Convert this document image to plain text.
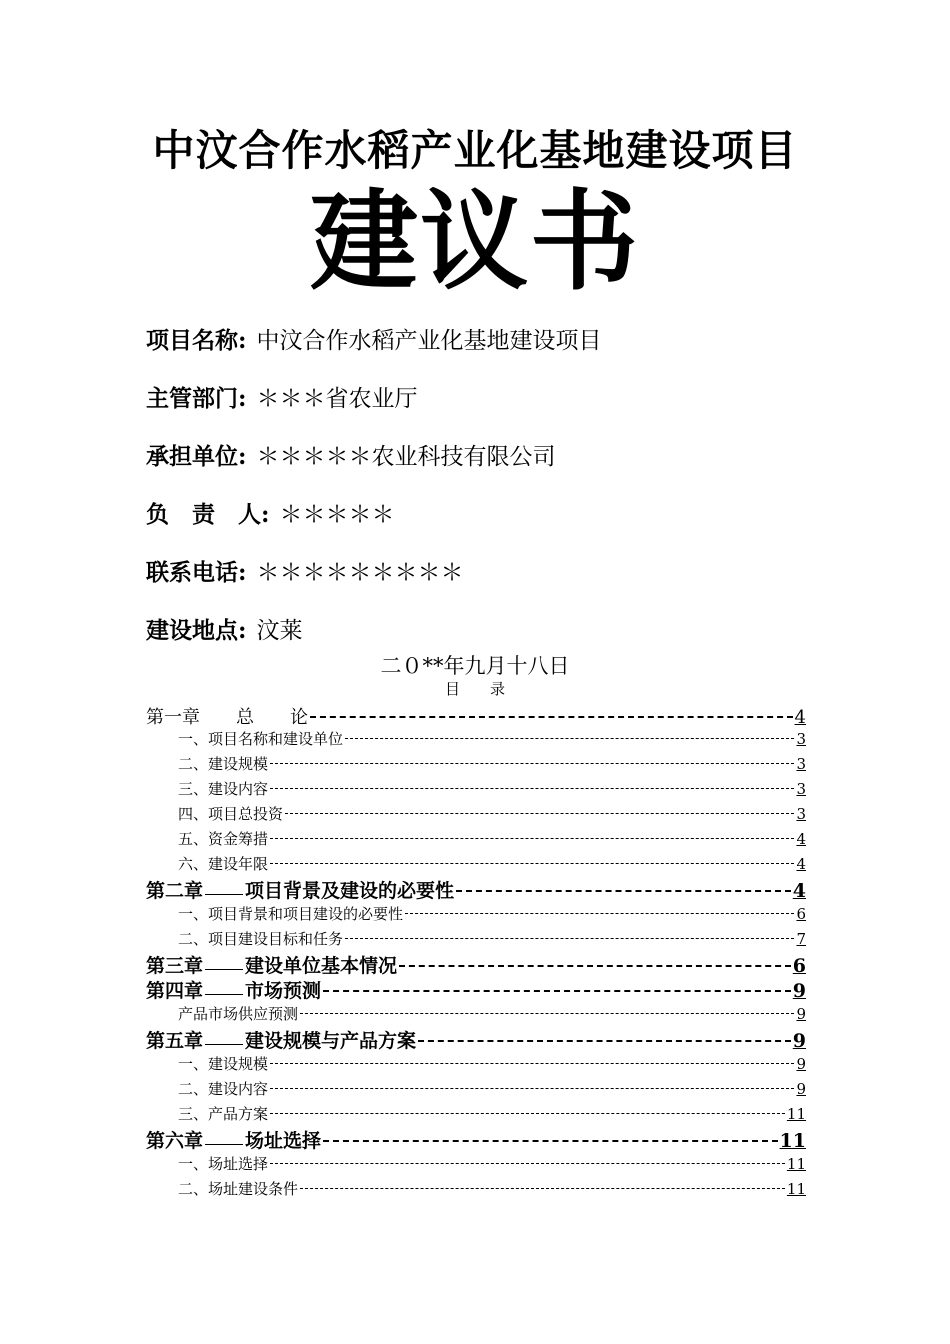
中汶合作水稻产业化基地建设项目
建议书
项目名称: 中汶合作水稻产业化基地建设项目
主管部门: ＊＊＊省农业厅
承担单位: ＊＊＊＊＊农业科技有限公司
负　责　人: ＊＊＊＊＊
联系电话: ＊＊＊＊＊＊＊＊＊
建设地点: 汶莱
二０**年九月十八日
目　　录
第一章　　总　　论	4
一、项目名称和建设单位	3
二、建设规模	3
三、建设内容	3
四、项目总投资	3
五、资金筹措	4
六、建设年限	4
第二章 项目背景及建设的必要性	4
一、项目背景和项目建设的必要性	6
二、项目建设目标和任务	7
第三章 建设单位基本情况	6
第四章 市场预测	9
产品市场供应预测	9
第五章 建设规模与产品方案	9
一、建设规模	9
二、建设内容	9
三、产品方案	11
第六章 场址选择	11
一、场址选择	11
二、场址建设条件	11
